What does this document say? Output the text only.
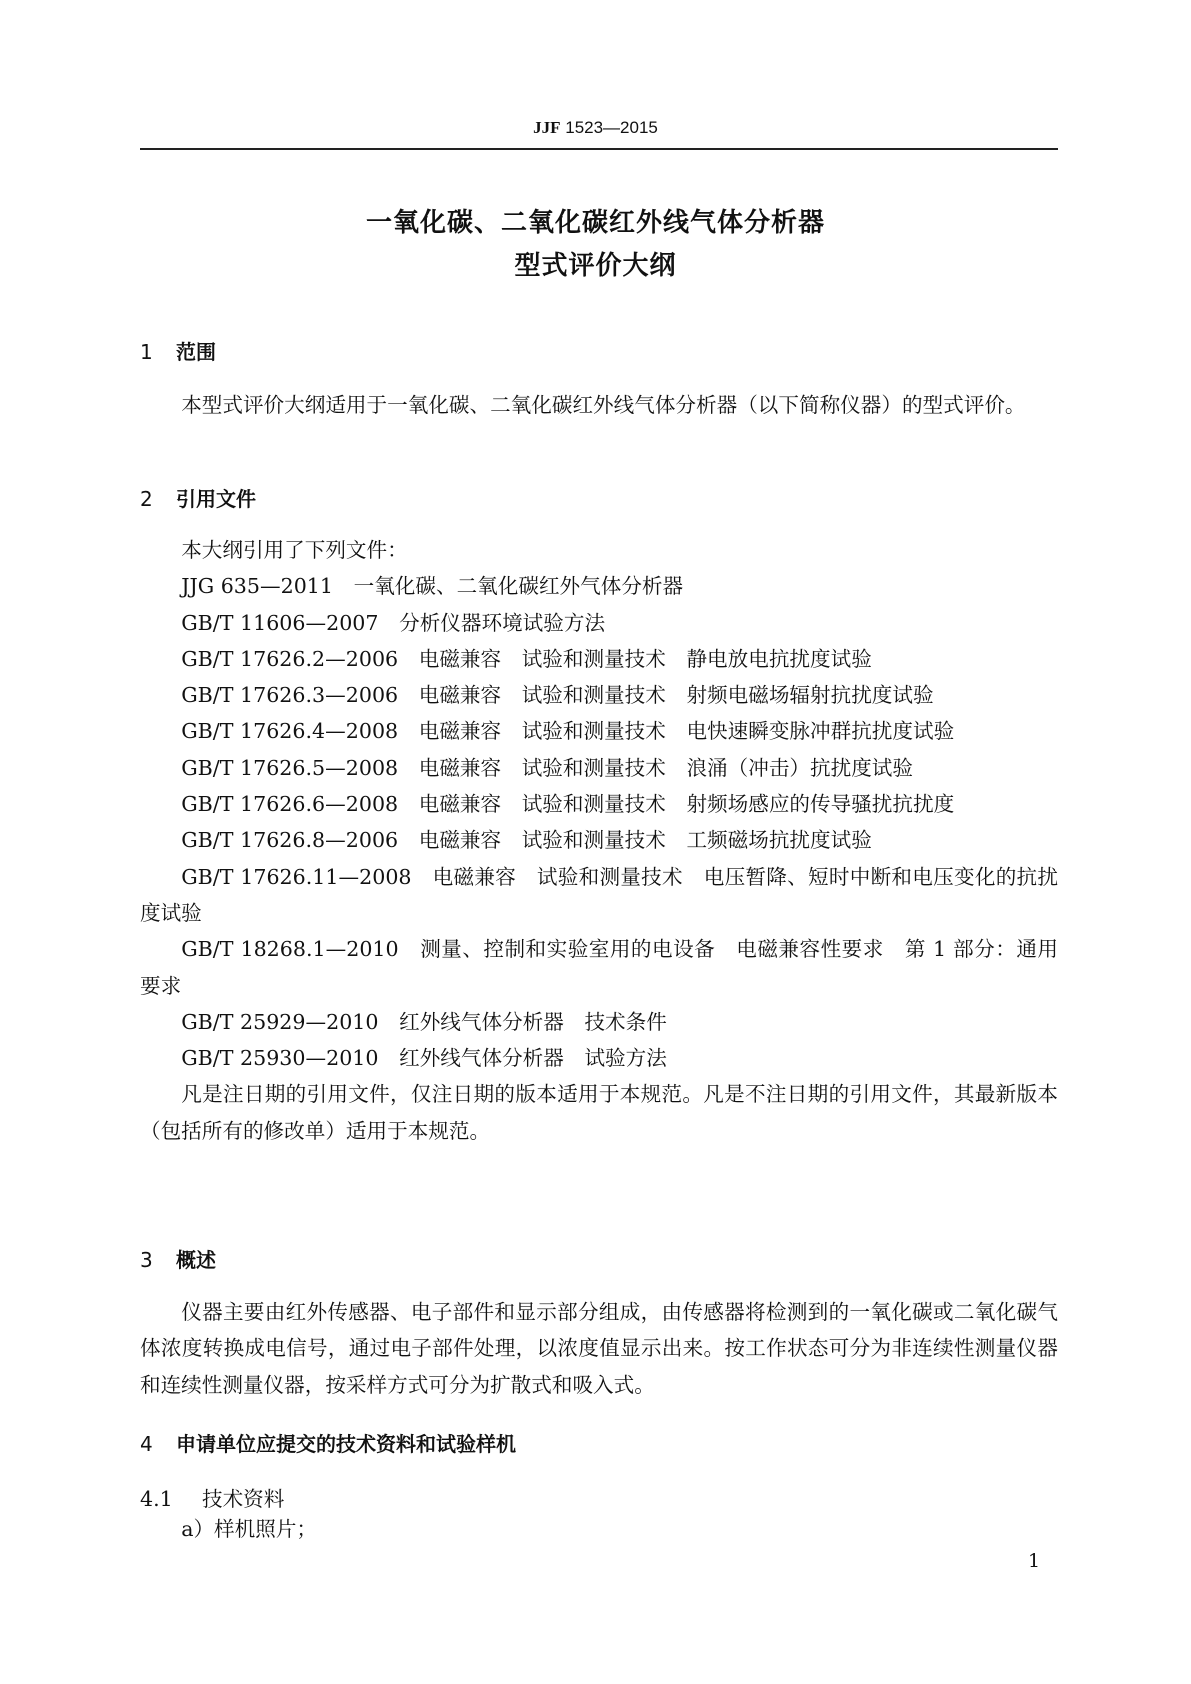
JJF 1523—2015
一氧化碳、二氧化碳红外线气体分析器
型式评价大纲
1 范围

本型式评价大纲适用于一氧化碳、二氧化碳红外线气体分析器（以下简称仪器）的型式评价。

2 引用文件

本大纲引用了下列文件：

JJG 635—2011　一氧化碳、二氧化碳红外气体分析器

GB/T 11606—2007　分析仪器环境试验方法

GB/T 17626.2—2006　电磁兼容　试验和测量技术　静电放电抗扰度试验

GB/T 17626.3—2006　电磁兼容　试验和测量技术　射频电磁场辐射抗扰度试验

GB/T 17626.4—2008　电磁兼容　试验和测量技术　电快速瞬变脉冲群抗扰度试验

GB/T 17626.5—2008　电磁兼容　试验和测量技术　浪涌（冲击）抗扰度试验

GB/T 17626.6—2008　电磁兼容　试验和测量技术　射频场感应的传导骚扰抗扰度

GB/T 17626.8—2006　电磁兼容　试验和测量技术　工频磁场抗扰度试验

GB/T 17626.11—2008　电磁兼容　试验和测量技术　电压暂降、短时中断和电压变化的抗扰度试验

GB/T 18268.1—2010　测量、控制和实验室用的电设备　电磁兼容性要求　第 1 部分：通用要求

GB/T 25929—2010　红外线气体分析器　技术条件

GB/T 25930—2010　红外线气体分析器　试验方法

凡是注日期的引用文件，仅注日期的版本适用于本规范。凡是不注日期的引用文件，其最新版本（包括所有的修改单）适用于本规范。

3 概述

仪器主要由红外传感器、电子部件和显示部分组成，由传感器将检测到的一氧化碳或二氧化碳气体浓度转换成电信号，通过电子部件处理，以浓度值显示出来。按工作状态可分为非连续性测量仪器和连续性测量仪器，按采样方式可分为扩散式和吸入式。

4 申请单位应提交的技术资料和试验样机
4.1 技术资料

a）样机照片；

1
